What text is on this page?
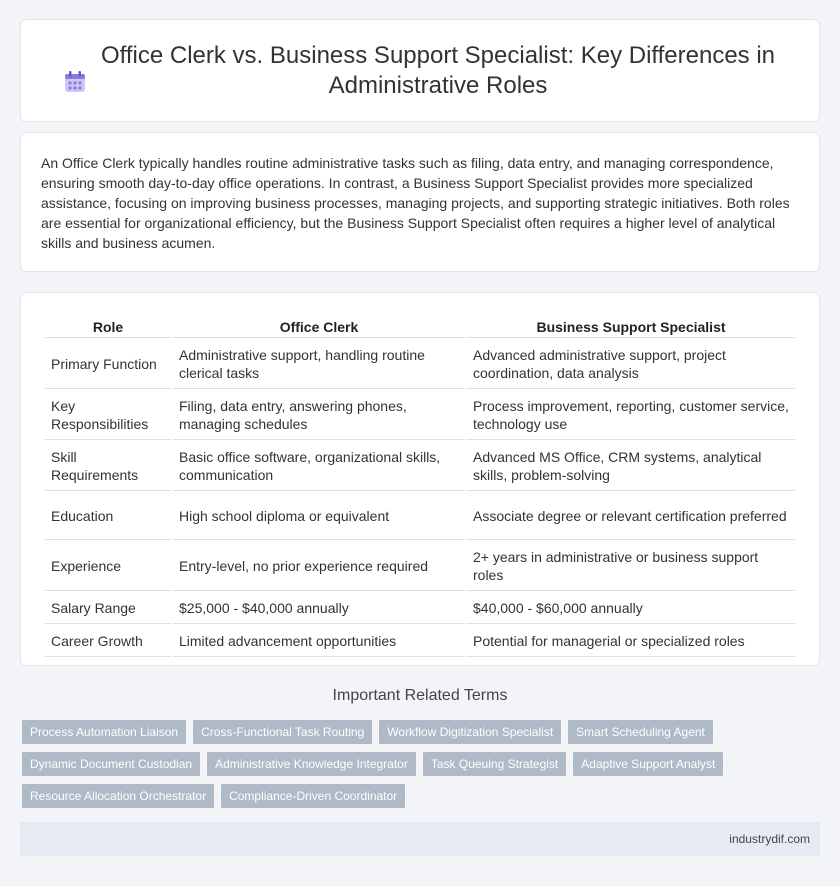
Office Clerk vs. Business Support Specialist: Key Differences in Administrative Roles

An Office Clerk typically handles routine administrative tasks such as filing, data entry, and managing correspondence, ensuring smooth day-to-day office operations. In contrast, a Business Support Specialist provides more specialized assistance, focusing on improving business processes, managing projects, and supporting strategic initiatives. Both roles are essential for organizational efficiency, but the Business Support Specialist often requires a higher level of analytical skills and business acumen.

Role	Office Clerk	Business Support Specialist
Primary Function	Administrative support, handling routine clerical tasks	Advanced administrative support, project coordination, data analysis
Key Responsibilities	Filing, data entry, answering phones, managing schedules	Process improvement, reporting, customer service, technology use
Skill Requirements	Basic office software, organizational skills, communication	Advanced MS Office, CRM systems, analytical skills, problem-solving
Education	High school diploma or equivalent	Associate degree or relevant certification preferred
Experience	Entry-level, no prior experience required	2+ years in administrative or business support roles
Salary Range	$25,000 - $40,000 annually	$40,000 - $60,000 annually
Career Growth	Limited advancement opportunities	Potential for managerial or specialized roles
Important Related Terms
Process Automation Liaison	Cross-Functional Task Routing	Workflow Digitization Specialist	Smart Scheduling Agent
Dynamic Document Custodian	Administrative Knowledge Integrator	Task Queuing Strategist	Adaptive Support Analyst
Resource Allocation Orchestrator	Compliance-Driven Coordinator
industrydif.com
